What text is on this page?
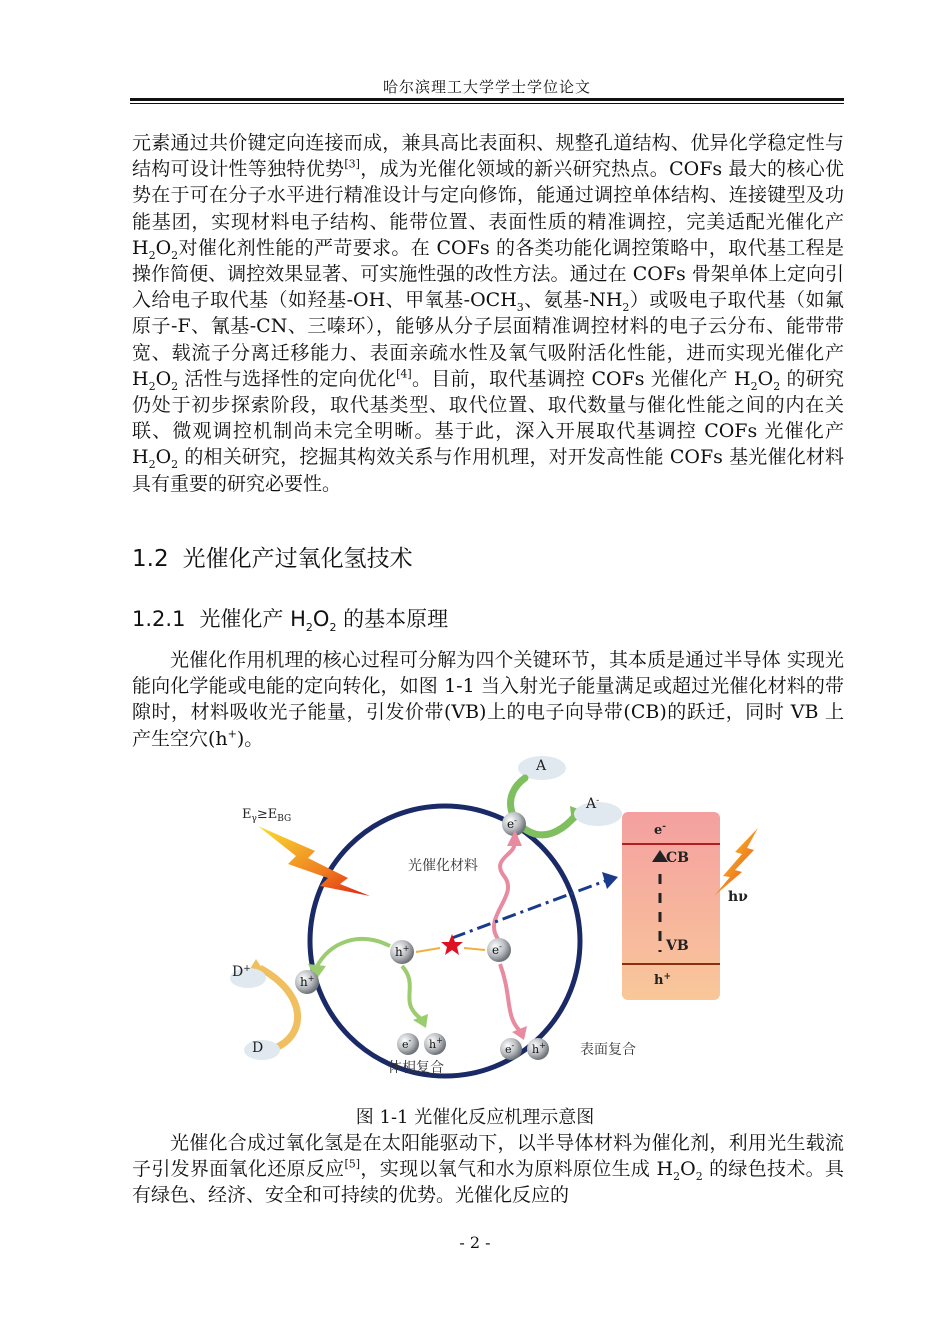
哈尔滨理工大学学士学位论文
元素通过共价键定向连接而成，兼具高比表面积、规整孔道结构、优异化学稳定性与结构可设计性等独特优势[3]，成为光催化领域的新兴研究热点。COFs 最大的核心优势在于可在分子水平进行精准设计与定向修饰，能通过调控单体结构、连接键型及功能基团，实现材料电子结构、能带位置、表面性质的精准调控，完美适配光催化产 $H_2O_2$对催化剂性能的严苛要求。在 COFs 的各类功能化调控策略中，取代基工程是操作简便、调控效果显著、可实施性强的改性方法。通过在 COFs 骨架单体上定向引入给电子取代基（如羟基-OH、甲氧基$-OCH_3$、氨基$-NH_2$）或吸电子取代基（如氟原子-F、氰基-CN、三嗪环），能够从分子层面精准调控材料的电子云分布、能带带宽、载流子分离迁移能力、表面亲疏水性及氧气吸附活化性能，进而实现光催化产 $H_2O_2$ 活性与选择性的定向优化[4]。目前，取代基调控 COFs 光催化产 $H_2O_2$ 的研究仍处于初步探索阶段，取代基类型、取代位置、取代数量与催化性能之间的内在关联、微观调控机制尚未完全明晰。基于此，深入开展取代基调控 COFs 光催化产 $H_2O_2$ 的相关研究，挖掘其构效关系与作用机理，对开发高性能 COFs 基光催化材料具有重要的研究必要性。
1.2 光催化产过氧化氢技术
1.2.1 光催化产 $H_2O_2$ 的基本原理
光催化作用机理的核心过程可分解为四个关键环节，其本质是通过半导体 实现光能向化学能或电能的定向转化，如图 1-1 当入射光子能量满足或超过光催化材料的带隙时，材料吸收光子能量，引发价带(VB)上的电子向导带(CB)的跃迁，同时 VB 上产生空穴(h+)。
$E_\gamma\ge E_{BG}$
光催化材料
A
A-
e-
h+	e-
h+
D+
D	e- h+
体相复合
e- h+ 表面复合
e-
CB
VB
h+
hν
图 1-1 光催化反应机理示意图
光催化合成过氧化氢是在太阳能驱动下，以半导体材料为催化剂，利用光生载流子引发界面氧化还原反应[5]，实现以氧气和水为原料原位生成 $H_2O_2$ 的绿色技术。具有绿色、经济、安全和可持续的优势。光催化反应的
- 2 -
